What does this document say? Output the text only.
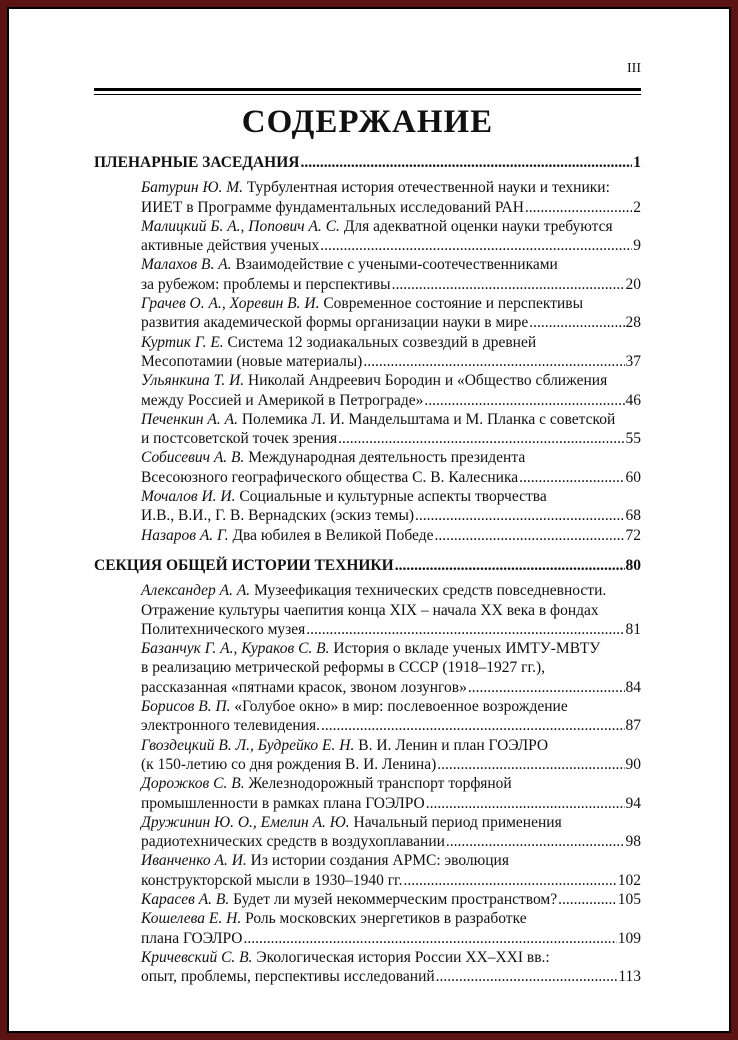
III
СОДЕРЖАНИЕ
ПЛЕНАРНЫЕ ЗАСЕДАНИЯ .....	1
Батурин Ю. М. Турбулентная история отечественной науки и техники:
ИИЕТ в Программе фундаментальных исследований РАН .....	2
Малицкий Б. А., Попович А. С. Для адекватной оценки науки требуются
активные действия ученых .....	9
Малахов В. А. Взаимодействие с учеными-соотечественниками
за рубежом: проблемы и перспективы .....	20
Грачев О. А., Хоревин В. И. Современное состояние и перспективы
развития академической формы организации науки в мире .....	28
Куртик Г. Е. Система 12 зодиакальных созвездий в древней
Месопотамии (новые материалы) .....	37
Ульянкина Т. И. Николай Андреевич Бородин и «Общество сближения
между Россией и Америкой в Петрограде» .....	46
Печенкин А. А. Полемика Л. И. Мандельштама и М. Планка с советской
и постсоветской точек зрения .....	55
Собисевич А. В. Международная деятельность президента
Всесоюзного географического общества С. В. Калесника .....	60
Мочалов И. И. Социальные и культурные аспекты творчества
И.В., В.И., Г. В. Вернадских (эскиз темы) .....	68
Назаров А. Г. Два юбилея в Великой Победе .....	72
СЕКЦИЯ ОБЩЕЙ ИСТОРИИ ТЕХНИКИ .....	80
Александер А. А. Музеефикация технических средств повседневности.
Отражение культуры чаепития конца XIX – начала XX века в фондах
Политехнического музея .....	81
Базанчук Г. А., Кураков С. В. История о вкладе ученых ИМТУ-МВТУ
в реализацию метрической реформы в СССР (1918–1927 гг.),
рассказанная «пятнами красок, звоном лозунгов» .....	84
Борисов В. П. «Голубое окно» в мир: послевоенное возрождение
электронного телевидения. .....	87
Гвоздецкий В. Л., Будрейко Е. Н. В. И. Ленин и план ГОЭЛРО
(к 150-летию со дня рождения В. И. Ленина) .....	90
Дорожков С. В. Железнодорожный транспорт торфяной
промышленности в рамках плана ГОЭЛРО .....	94
Дружинин Ю. О., Емелин А. Ю. Начальный период применения
радиотехнических средств в воздухоплавании .....	98
Иванченко А. И. Из истории создания АРМС: эволюция
конструкторской мысли в 1930–1940 гг. .....	102
Карасев А. В. Будет ли музей некоммерческим пространством? .....	105
Кошелева Е. Н. Роль московских энергетиков в разработке
плана ГОЭЛРО .....	109
Кричевский С. В. Экологическая история России XX–XXI вв.:
опыт, проблемы, перспективы исследований .....	113
